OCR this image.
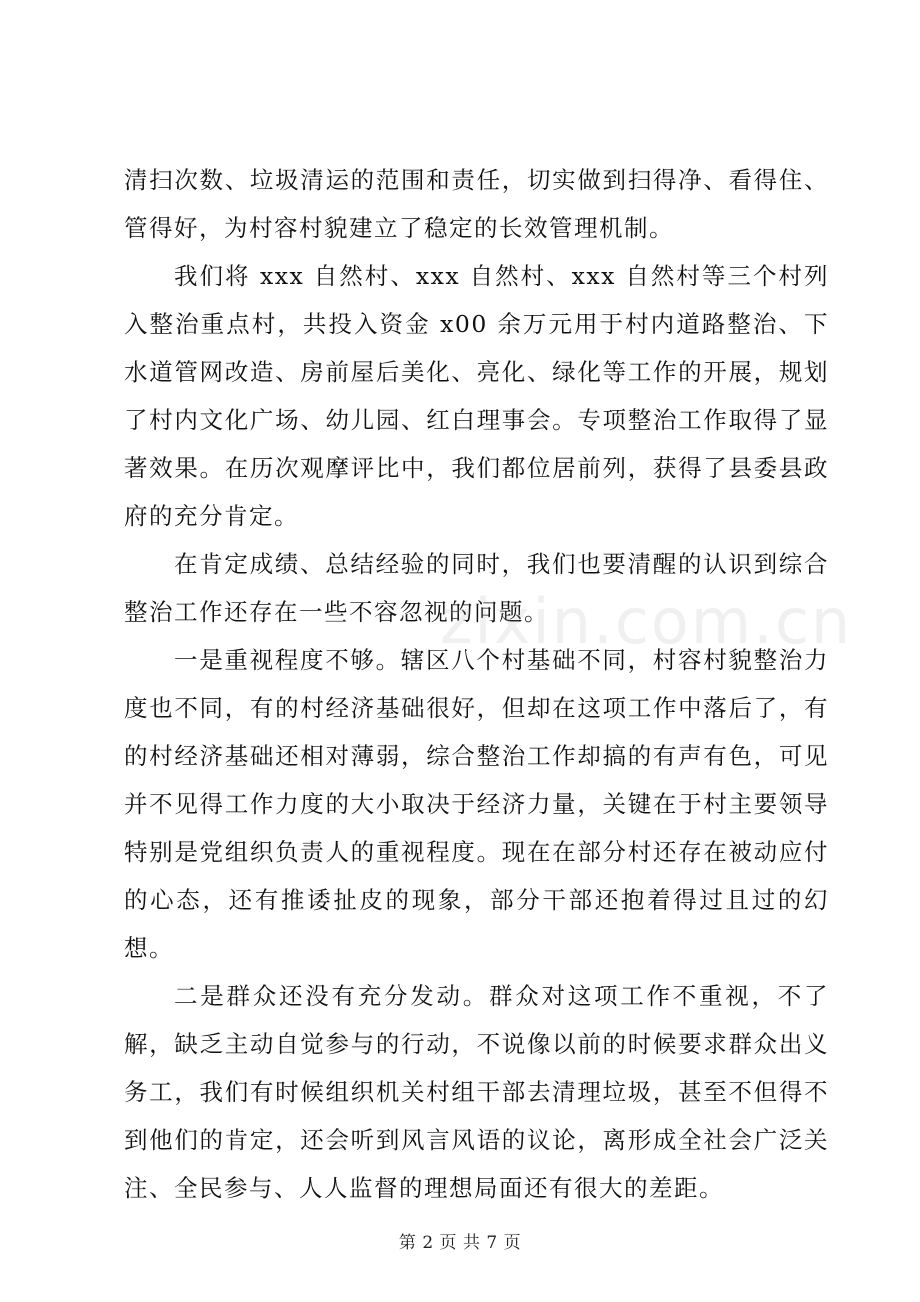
清扫次数、垃圾清运的范围和责任，切实做到扫得净、看得住、管得好，为村容村貌建立了稳定的长效管理机制。

我们将 xxx 自然村、xxx 自然村、xxx 自然村等三个村列入整治重点村，共投入资金 x00 余万元用于村内道路整治、下水道管网改造、房前屋后美化、亮化、绿化等工作的开展，规划了村内文化广场、幼儿园、红白理事会。专项整治工作取得了显著效果。在历次观摩评比中，我们都位居前列，获得了县委县政府的充分肯定。

在肯定成绩、总结经验的同时，我们也要清醒的认识到综合整治工作还存在一些不容忽视的问题。

一是重视程度不够。辖区八个村基础不同，村容村貌整治力度也不同，有的村经济基础很好，但却在这项工作中落后了，有的村经济基础还相对薄弱，综合整治工作却搞的有声有色，可见并不见得工作力度的大小取决于经济力量，关键在于村主要领导特别是党组织负责人的重视程度。现在在部分村还存在被动应付的心态，还有推诿扯皮的现象，部分干部还抱着得过且过的幻想。

二是群众还没有充分发动。群众对这项工作不重视，不了解，缺乏主动自觉参与的行动，不说像以前的时候要求群众出义务工，我们有时候组织机关村组干部去清理垃圾，甚至不但得不到他们的肯定，还会听到风言风语的议论，离形成全社会广泛关注、全民参与、人人监督的理想局面还有很大的差距。

zixin.com.cn
第 2 页 共 7 页
